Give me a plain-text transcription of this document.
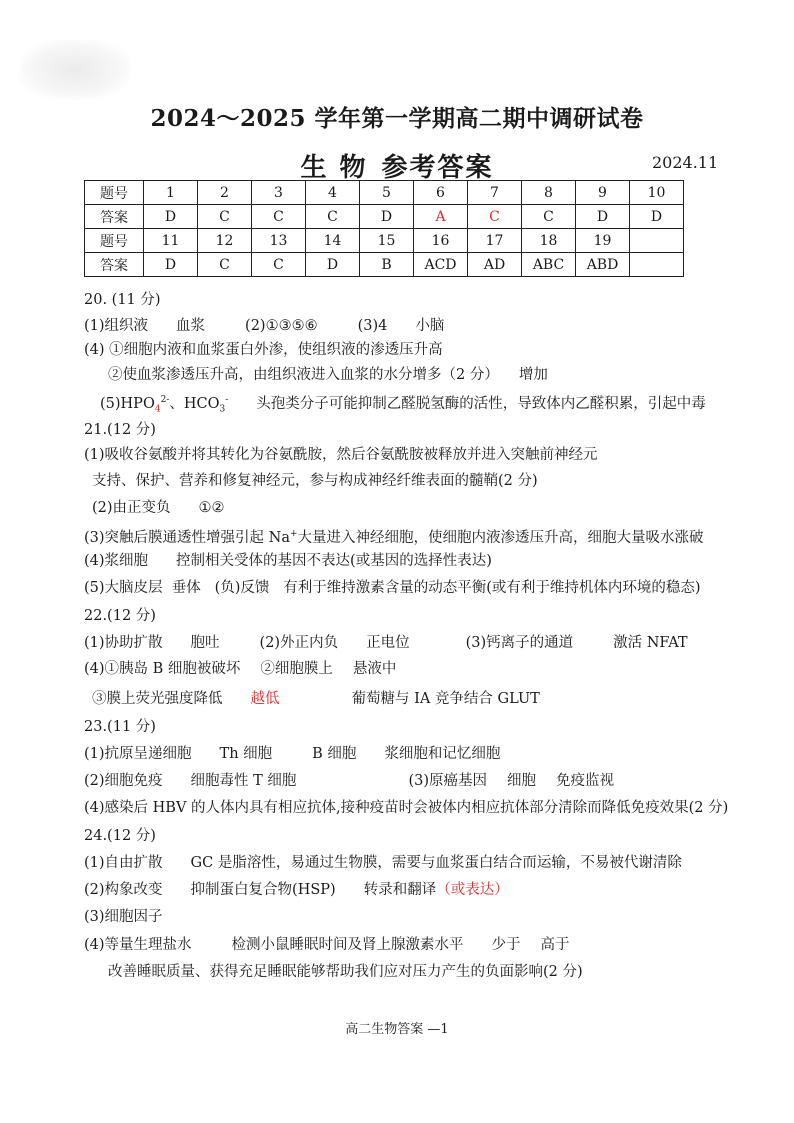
2024～2025 学年第一学期高二期中调研试卷
生 物 参考答案	2024.11
题号	1	2	3	4	5	6	7	8	9	10
答案	D	C	C	C	D	A	C	C	D	D
题号	11	12	13	14	15	16	17	18	19	
答案	D	C	C	D	B	ACD	AD	ABC	ABD	
20. (11 分)
(1)组织液 血浆	(2)①③⑤⑥	(3)4 小脑
(4) ①细胞内液和血浆蛋白外渗，使组织液的渗透压升高
②使血浆渗透压升高，由组织液进入血浆的水分增多（2 分） 增加
$(5)HPO_4^{2-}$、$HCO_3^-$ 头孢类分子可能抑制乙醛脱氢酶的活性，导致体内乙醛积累，引起中毒
21.(12 分)
(1)吸收谷氨酸并将其转化为谷氨酰胺，然后谷氨酰胺被释放并进入突触前神经元
支持、保护、营养和修复神经元，参与构成神经纤维表面的髓鞘(2 分)
(2)由正变负 ①②
(3)突触后膜通透性增强引起 Na+大量进入神经细胞，使细胞内液渗透压升高，细胞大量吸水涨破
(4)浆细胞 控制相关受体的基因不表达(或基因的选择性表达)
(5)大脑皮层 垂体 (负)反馈 有利于维持激素含量的动态平衡(或有利于维持机体内环境的稳态)
22.(12 分)
(1)协助扩散 胞吐	(2)外正内负 正电位	(3)钙离子的通道	激活 NFAT
(4)①胰岛 B 细胞被破坏 ②细胞膜上 悬液中
③膜上荧光强度降低 越低	葡萄糖与 IA 竞争结合 GLUT
23.(11 分)
(1)抗原呈递细胞 Th 细胞	B 细胞 浆细胞和记忆细胞
(2)细胞免疫 细胞毒性 T 细胞	(3)原癌基因 细胞 免疫监视
(4)感染后 HBV 的人体内具有相应抗体,接种疫苗时会被体内相应抗体部分清除而降低免疫效果(2 分)
24.(12 分)
(1)自由扩散 GC 是脂溶性，易通过生物膜，需要与血浆蛋白结合而运输，不易被代谢清除
(2)构象改变 抑制蛋白复合物(HSP) 转录和翻译（或表达）
(3)细胞因子
(4)等量生理盐水	检测小鼠睡眠时间及肾上腺激素水平 少于 高于
改善睡眠质量、获得充足睡眠能够帮助我们应对压力产生的负面影响(2 分)
高二生物答案 —1
